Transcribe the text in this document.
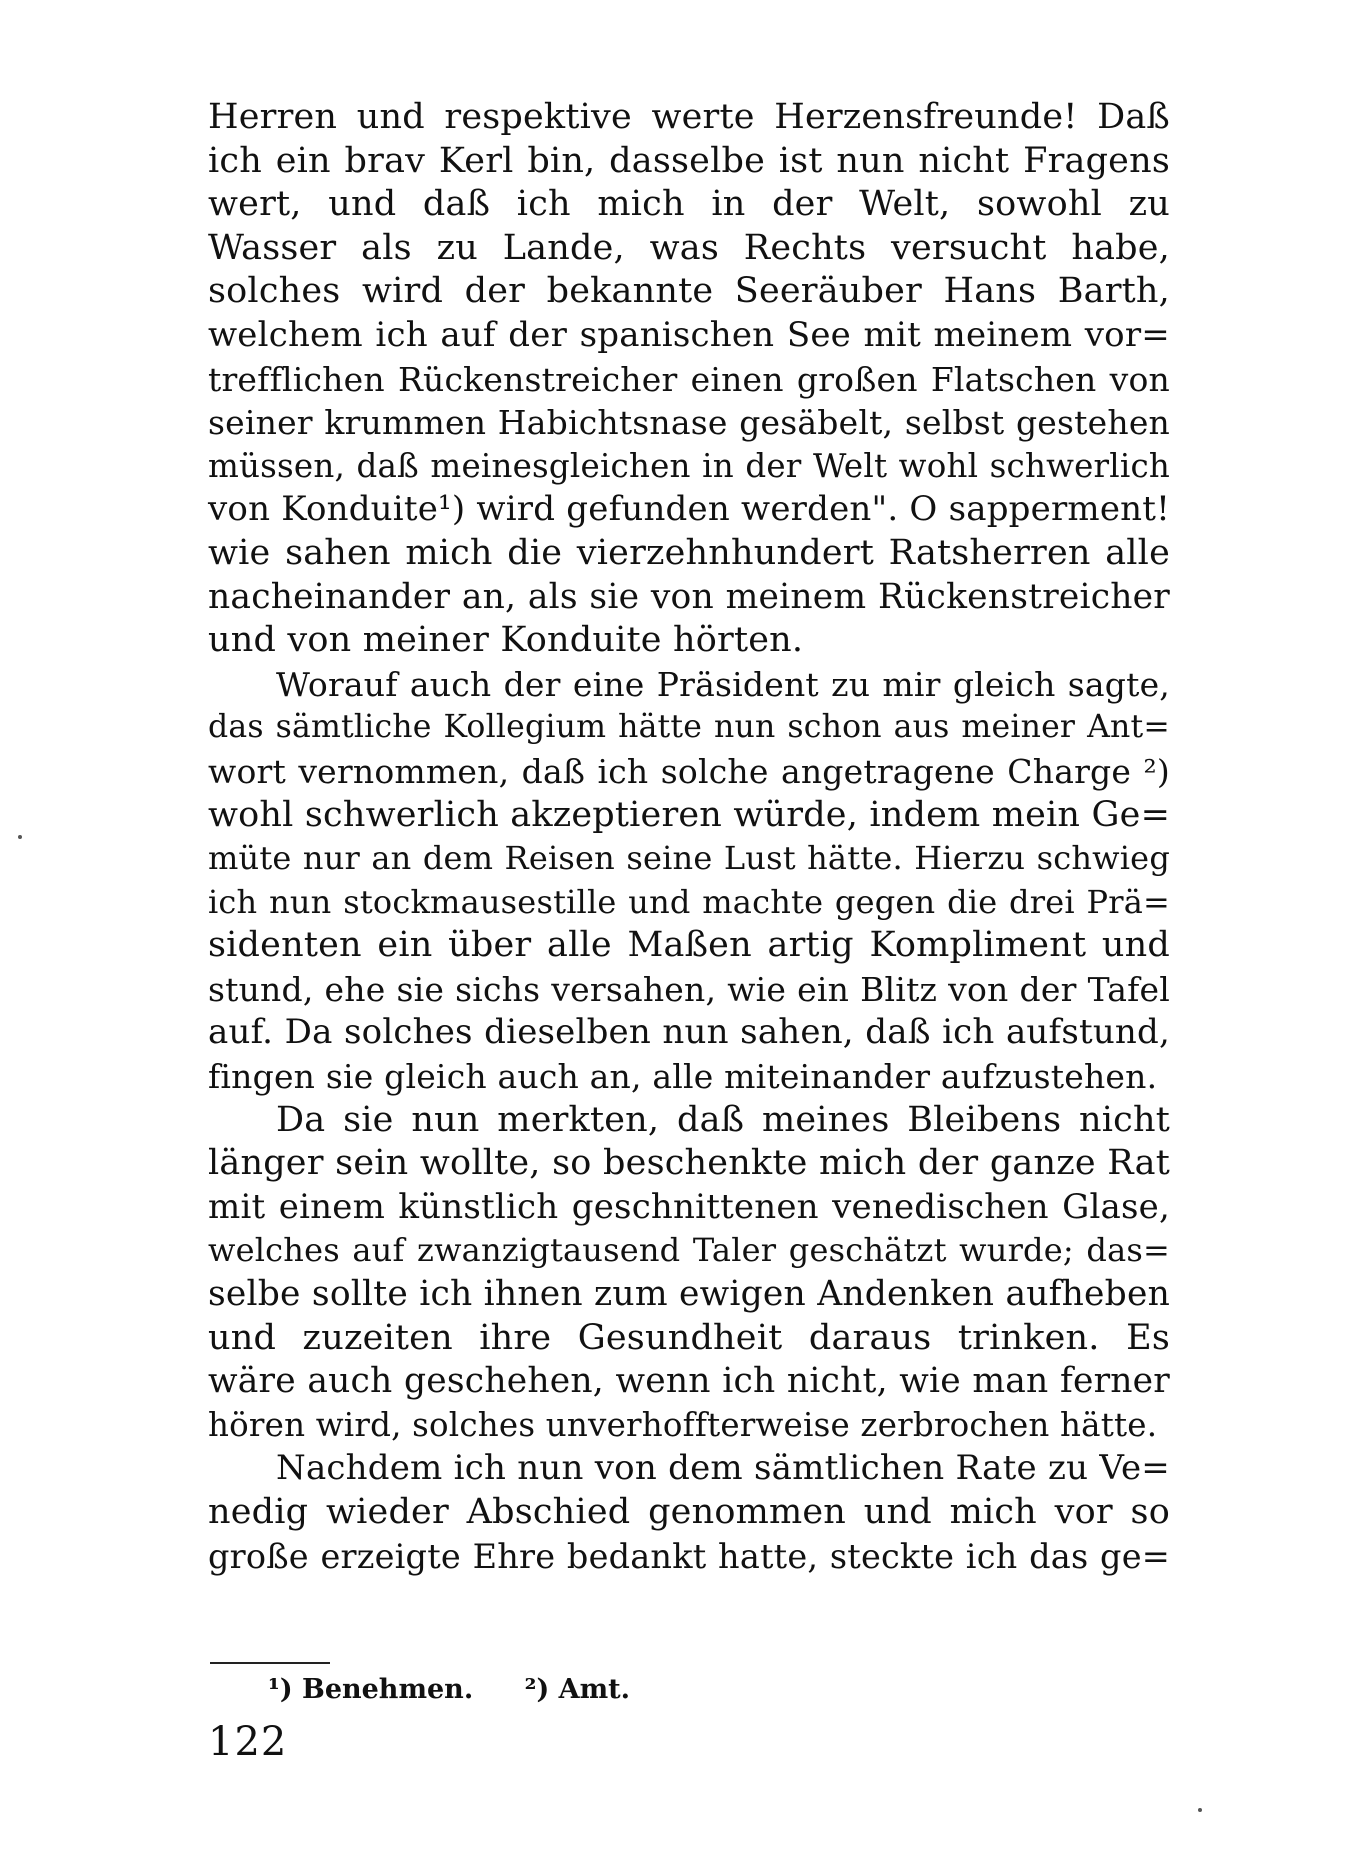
Herren und respektive werte Herzensfreunde! Daß
ich ein brav Kerl bin, dasselbe ist nun nicht Fragens
wert, und daß ich mich in der Welt, sowohl zu
Wasser als zu Lande, was Rechts versucht habe,
solches wird der bekannte Seeräuber Hans Barth,
welchem ich auf der spanischen See mit meinem vor=
trefflichen Rückenstreicher einen großen Flatschen von
seiner krummen Habichtsnase gesäbelt, selbst gestehen
müssen, daß meinesgleichen in der Welt wohl schwerlich
von Konduite¹) wird gefunden werden". O sapperment!
wie sahen mich die vierzehnhundert Ratsherren alle
nacheinander an, als sie von meinem Rückenstreicher
und von meiner Konduite hörten.
Worauf auch der eine Präsident zu mir gleich sagte,
das sämtliche Kollegium hätte nun schon aus meiner Ant=
wort vernommen, daß ich solche angetragene Charge ²)
wohl schwerlich akzeptieren würde, indem mein Ge=
müte nur an dem Reisen seine Lust hätte. Hierzu schwieg
ich nun stockmausestille und machte gegen die drei Prä=
sidenten ein über alle Maßen artig Kompliment und
stund, ehe sie sichs versahen, wie ein Blitz von der Tafel
auf. Da solches dieselben nun sahen, daß ich aufstund,
fingen sie gleich auch an, alle miteinander aufzustehen.
Da sie nun merkten, daß meines Bleibens nicht
länger sein wollte, so beschenkte mich der ganze Rat
mit einem künstlich geschnittenen venedischen Glase,
welches auf zwanzigtausend Taler geschätzt wurde; das=
selbe sollte ich ihnen zum ewigen Andenken aufheben
und zuzeiten ihre Gesundheit daraus trinken. Es
wäre auch geschehen, wenn ich nicht, wie man ferner
hören wird, solches unverhoffterweise zerbrochen hätte.
Nachdem ich nun von dem sämtlichen Rate zu Ve=
nedig wieder Abschied genommen und mich vor so
große erzeigte Ehre bedankt hatte, steckte ich das ge=
¹) Benehmen. ²) Amt.
122
